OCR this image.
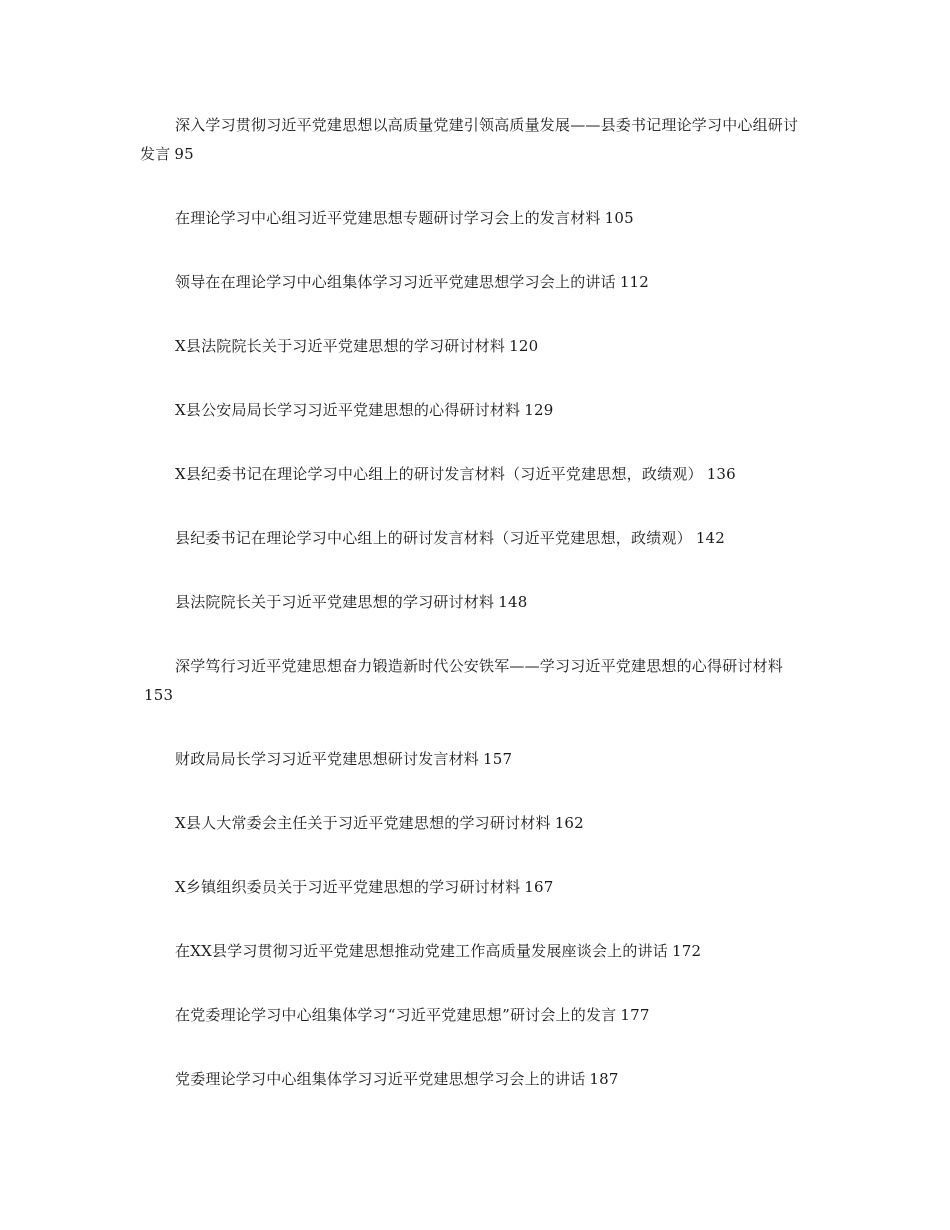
深入学习贯彻习近平党建思想以高质量党建引领高质量发展——县委书记理论学习中心组研讨发言 95

在理论学习中心组习近平党建思想专题研讨学习会上的发言材料 105

领导在在理论学习中心组集体学习习近平党建思想学习会上的讲话 112

X县法院院长关于习近平党建思想的学习研讨材料 120

X县公安局局长学习习近平党建思想的心得研讨材料 129

X县纪委书记在理论学习中心组上的研讨发言材料（习近平党建思想，政绩观） 136

县纪委书记在理论学习中心组上的研讨发言材料（习近平党建思想，政绩观） 142

县法院院长关于习近平党建思想的学习研讨材料 148

深学笃行习近平党建思想奋力锻造新时代公安铁军——学习习近平党建思想的心得研讨材料153

财政局局长学习习近平党建思想研讨发言材料 157

X县人大常委会主任关于习近平党建思想的学习研讨材料 162

X乡镇组织委员关于习近平党建思想的学习研讨材料 167

在XX县学习贯彻习近平党建思想推动党建工作高质量发展座谈会上的讲话 172

在党委理论学习中心组集体学习“习近平党建思想”研讨会上的发言 177

党委理论学习中心组集体学习习近平党建思想学习会上的讲话 187
